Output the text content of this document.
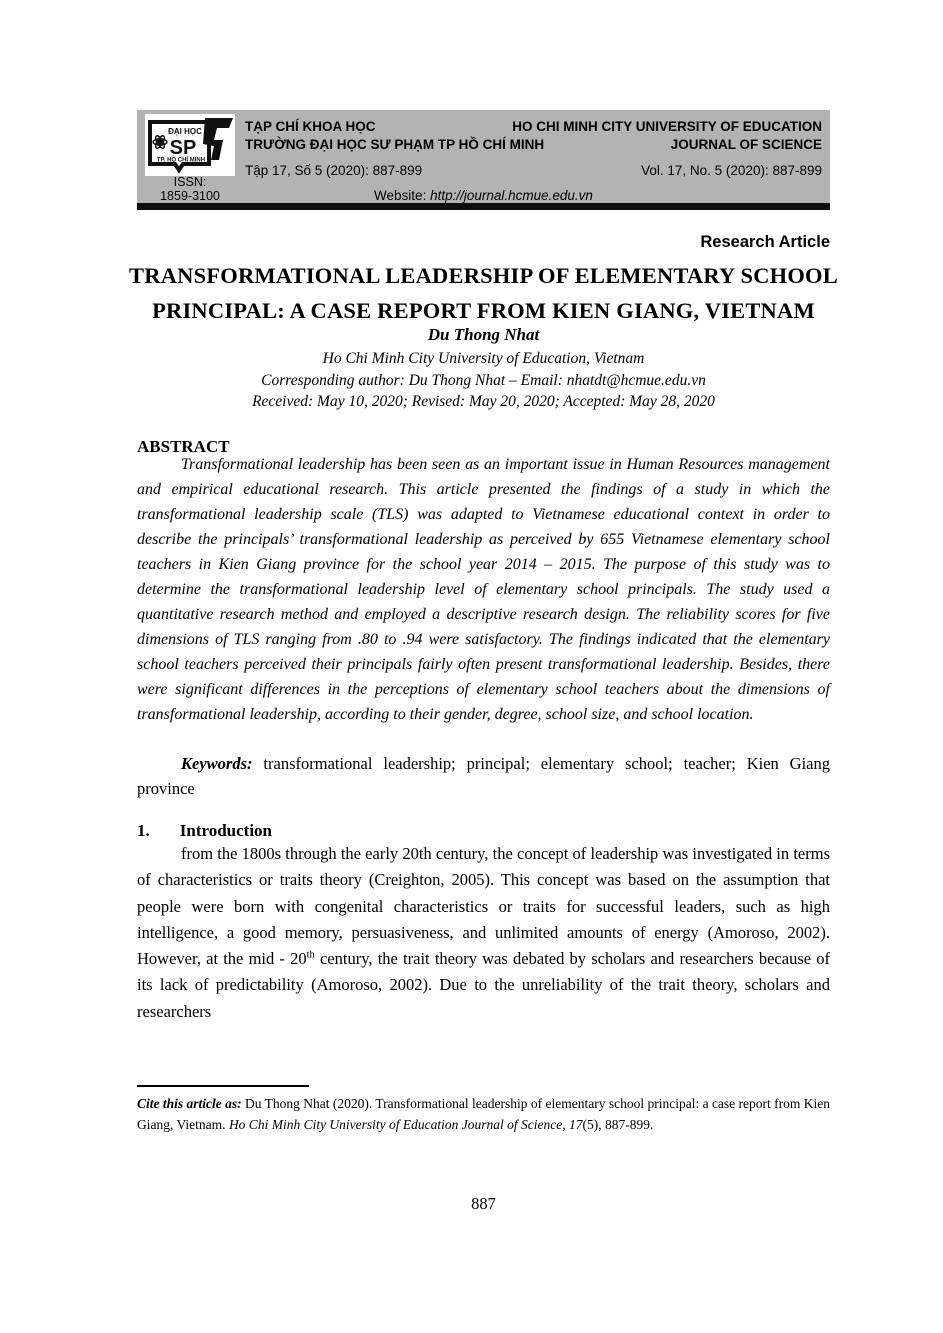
ĐẠI HỌC
SP
TP. HỒ CHÍ MINH
ISSN:
1859-3100
TẠP CHÍ KHOA HỌC
TRƯỜNG ĐẠI HỌC SƯ PHẠM TP HỒ CHÍ MINH
Tập 17, Số 5 (2020): 887-899
HO CHI MINH CITY UNIVERSITY OF EDUCATION
JOURNAL OF SCIENCE
Vol. 17, No. 5 (2020): 887-899
Website: http://journal.hcmue.edu.vn
Research Article
TRANSFORMATIONAL LEADERSHIP OF ELEMENTARY SCHOOL
PRINCIPAL: A CASE REPORT FROM KIEN GIANG, VIETNAM
Du Thong Nhat
Ho Chi Minh City University of Education, Vietnam
Corresponding author: Du Thong Nhat – Email: nhatdt@hcmue.edu.vn
Received: May 10, 2020; Revised: May 20, 2020; Accepted: May 28, 2020
ABSTRACT

Transformational leadership has been seen as an important issue in Human Resources management and empirical educational research. This article presented the findings of a study in which the transformational leadership scale (TLS) was adapted to Vietnamese educational context in order to describe the principals’ transformational leadership as perceived by 655 Vietnamese elementary school teachers in Kien Giang province for the school year 2014 – 2015. The purpose of this study was to determine the transformational leadership level of elementary school principals. The study used a quantitative research method and employed a descriptive research design. The reliability scores for five dimensions of TLS ranging from .80 to .94 were satisfactory. The findings indicated that the elementary school teachers perceived their principals fairly often present transformational leadership. Besides, there were significant differences in the perceptions of elementary school teachers about the dimensions of transformational leadership, according to their gender, degree, school size, and school location.

Keywords: transformational leadership; principal; elementary school; teacher; Kien Giang province

1. Introduction

from the 1800s through the early 20th century, the concept of leadership was investigated in terms of characteristics or traits theory (Creighton, 2005). This concept was based on the assumption that people were born with congenital characteristics or traits for successful leaders, such as high intelligence, a good memory, persuasiveness, and unlimited amounts of energy (Amoroso, 2002). However, at the mid - 20th century, the trait theory was debated by scholars and researchers because of its lack of predictability (Amoroso, 2002). Due to the unreliability of the trait theory, scholars and researchers

Cite this article as: Du Thong Nhat (2020). Transformational leadership of elementary school principal: a case report from Kien Giang, Vietnam. Ho Chi Minh City University of Education Journal of Science, 17(5), 887-899.

887
